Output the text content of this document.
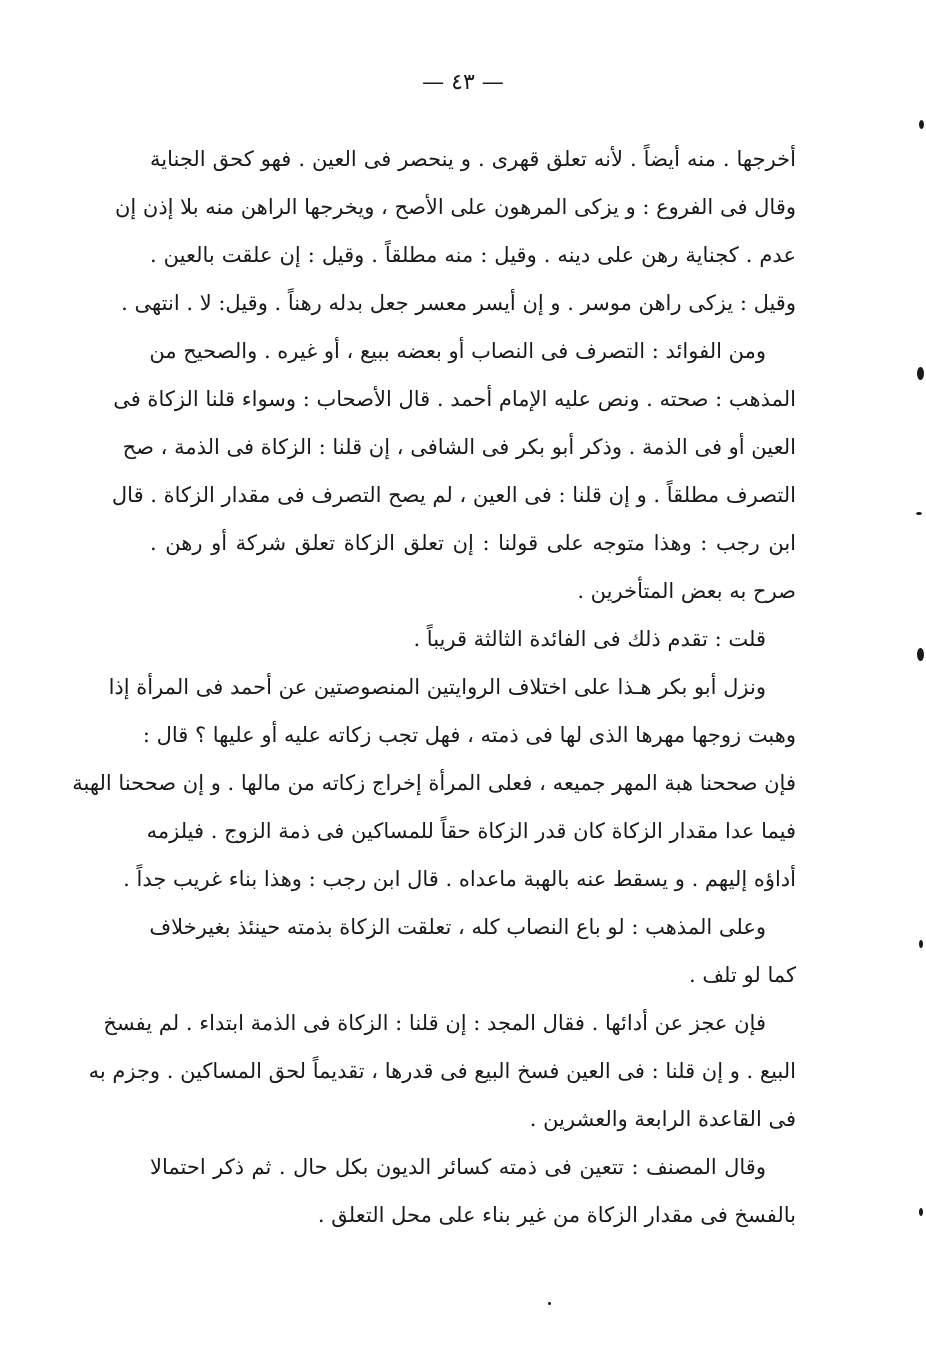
— ٤٣ —
أخرجها . منه أيضاً . لأنه تعلق قهرى . و ينحصر فى العين . فهو كحق الجناية
وقال فى الفروع : و يزكى المرهون على الأصح ، ويخرجها الراهن منه بلا إذن إن
عدم . كجناية رهن على دينه . وقيل : منه مطلقاً . وقيل : إن علقت بالعين .
وقيل : يزكى راهن موسر . و إن أيسر معسر جعل بدله رهناً . وقيل: لا . انتهى .
ومن الفوائد : التصرف فى النصاب أو بعضه ببيع ، أو غيره . والصحيح من
المذهب : صحته . ونص عليه الإمام أحمد . قال الأصحاب : وسواء قلنا الزكاة فى
العين أو فى الذمة . وذكر أبو بكر فى الشافى ، إن قلنا : الزكاة فى الذمة ، صح
التصرف مطلقاً . و إن قلنا : فى العين ، لم يصح التصرف فى مقدار الزكاة . قال
ابن رجب : وهذا متوجه على قولنا : إن تعلق الزكاة تعلق شركة أو رهن .
صرح به بعض المتأخرين .
قلت : تقدم ذلك فى الفائدة الثالثة قريباً .
ونزل أبو بكر هـذا على اختلاف الروايتين المنصوصتين عن أحمد فى المرأة إذا
وهبت زوجها مهرها الذى لها فى ذمته ، فهل تجب زكاته عليه أو عليها ؟ قال :
فإن صححنا هبة المهر جميعه ، فعلى المرأة إخراج زكاته من مالها . و إن صححنا الهبة
فيما عدا مقدار الزكاة كان قدر الزكاة حقاً للمساكين فى ذمة الزوج . فيلزمه
أداؤه إليهم . و يسقط عنه بالهبة ماعداه . قال ابن رجب : وهذا بناء غريب جداً .
وعلى المذهب : لو باع النصاب كله ، تعلقت الزكاة بذمته حينئذ بغيرخلاف
كما لو تلف .
فإن عجز عن أدائها . فقال المجد : إن قلنا : الزكاة فى الذمة ابتداء . لم يفسخ
البيع . و إن قلنا : فى العين فسخ البيع فى قدرها ، تقديماً لحق المساكين . وجزم به
فى القاعدة الرابعة والعشرين .
وقال المصنف : تتعين فى ذمته كسائر الديون بكل حال . ثم ذكر احتمالا
بالفسخ فى مقدار الزكاة من غير بناء على محل التعلق .
